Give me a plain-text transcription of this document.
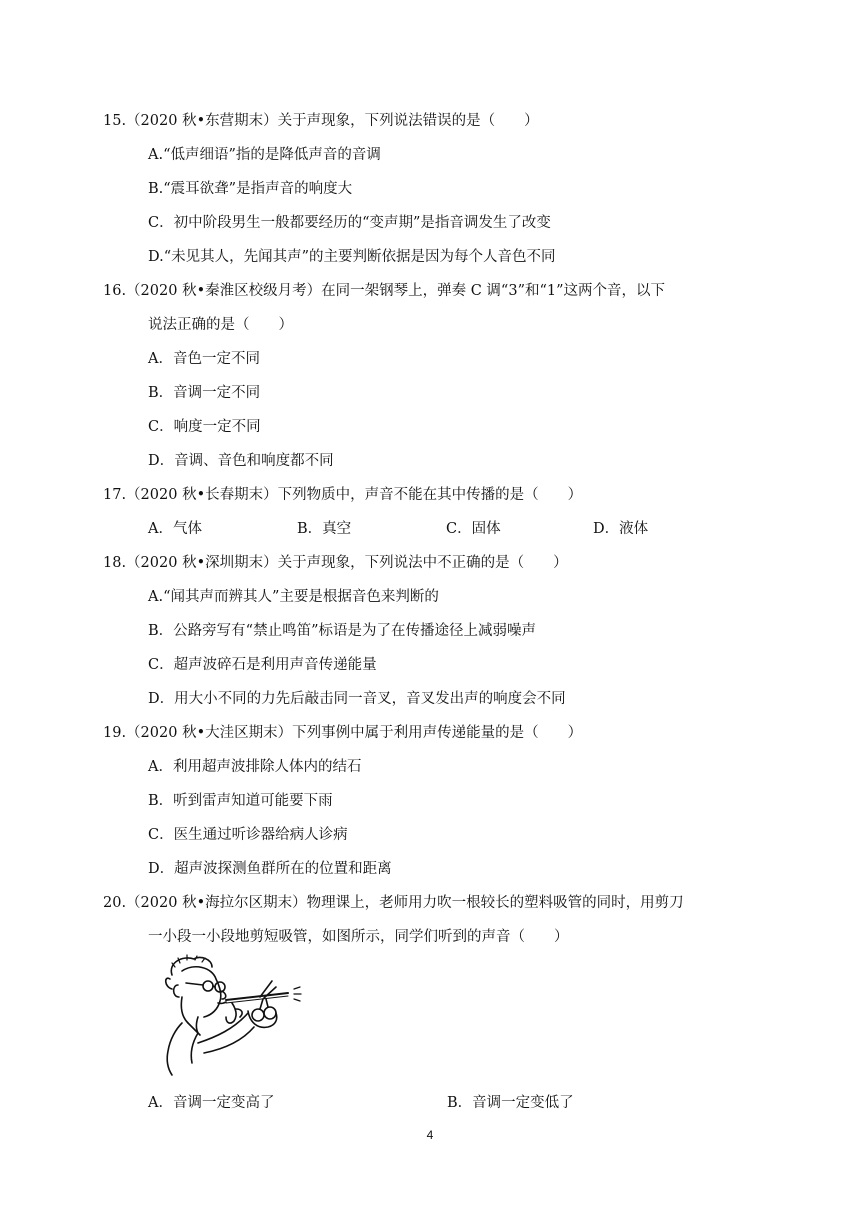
15.（2020 秋•东营期末）关于声现象，下列说法错误的是（　　）
A.“低声细语”指的是降低声音的音调
B.“震耳欲聋”是指声音的响度大
C．初中阶段男生一般都要经历的“变声期”是指音调发生了改变
D.“未见其人，先闻其声”的主要判断依据是因为每个人音色不同
16.（2020 秋•秦淮区校级月考）在同一架钢琴上，弹奏 C 调“3”和“1”这两个音，以下
说法正确的是（　　）
A．音色一定不同
B．音调一定不同
C．响度一定不同
D．音调、音色和响度都不同
17.（2020 秋•长春期末）下列物质中，声音不能在其中传播的是（　　）
A．气体	B．真空	C．固体	D．液体
18.（2020 秋•深圳期末）关于声现象，下列说法中不正确的是（　　）
A.“闻其声而辨其人”主要是根据音色来判断的
B．公路旁写有“禁止鸣笛”标语是为了在传播途径上减弱噪声
C．超声波碎石是利用声音传递能量
D．用大小不同的力先后敲击同一音叉，音叉发出声的响度会不同
19.（2020 秋•大洼区期末）下列事例中属于利用声传递能量的是（　　）
A．利用超声波排除人体内的结石
B．听到雷声知道可能要下雨
C．医生通过听诊器给病人诊病
D．超声波探测鱼群所在的位置和距离
20.（2020 秋•海拉尔区期末）物理课上，老师用力吹一根较长的塑料吸管的同时，用剪刀
一小段一小段地剪短吸管，如图所示，同学们听到的声音（　　）
A．音调一定变高了	B．音调一定变低了
4
